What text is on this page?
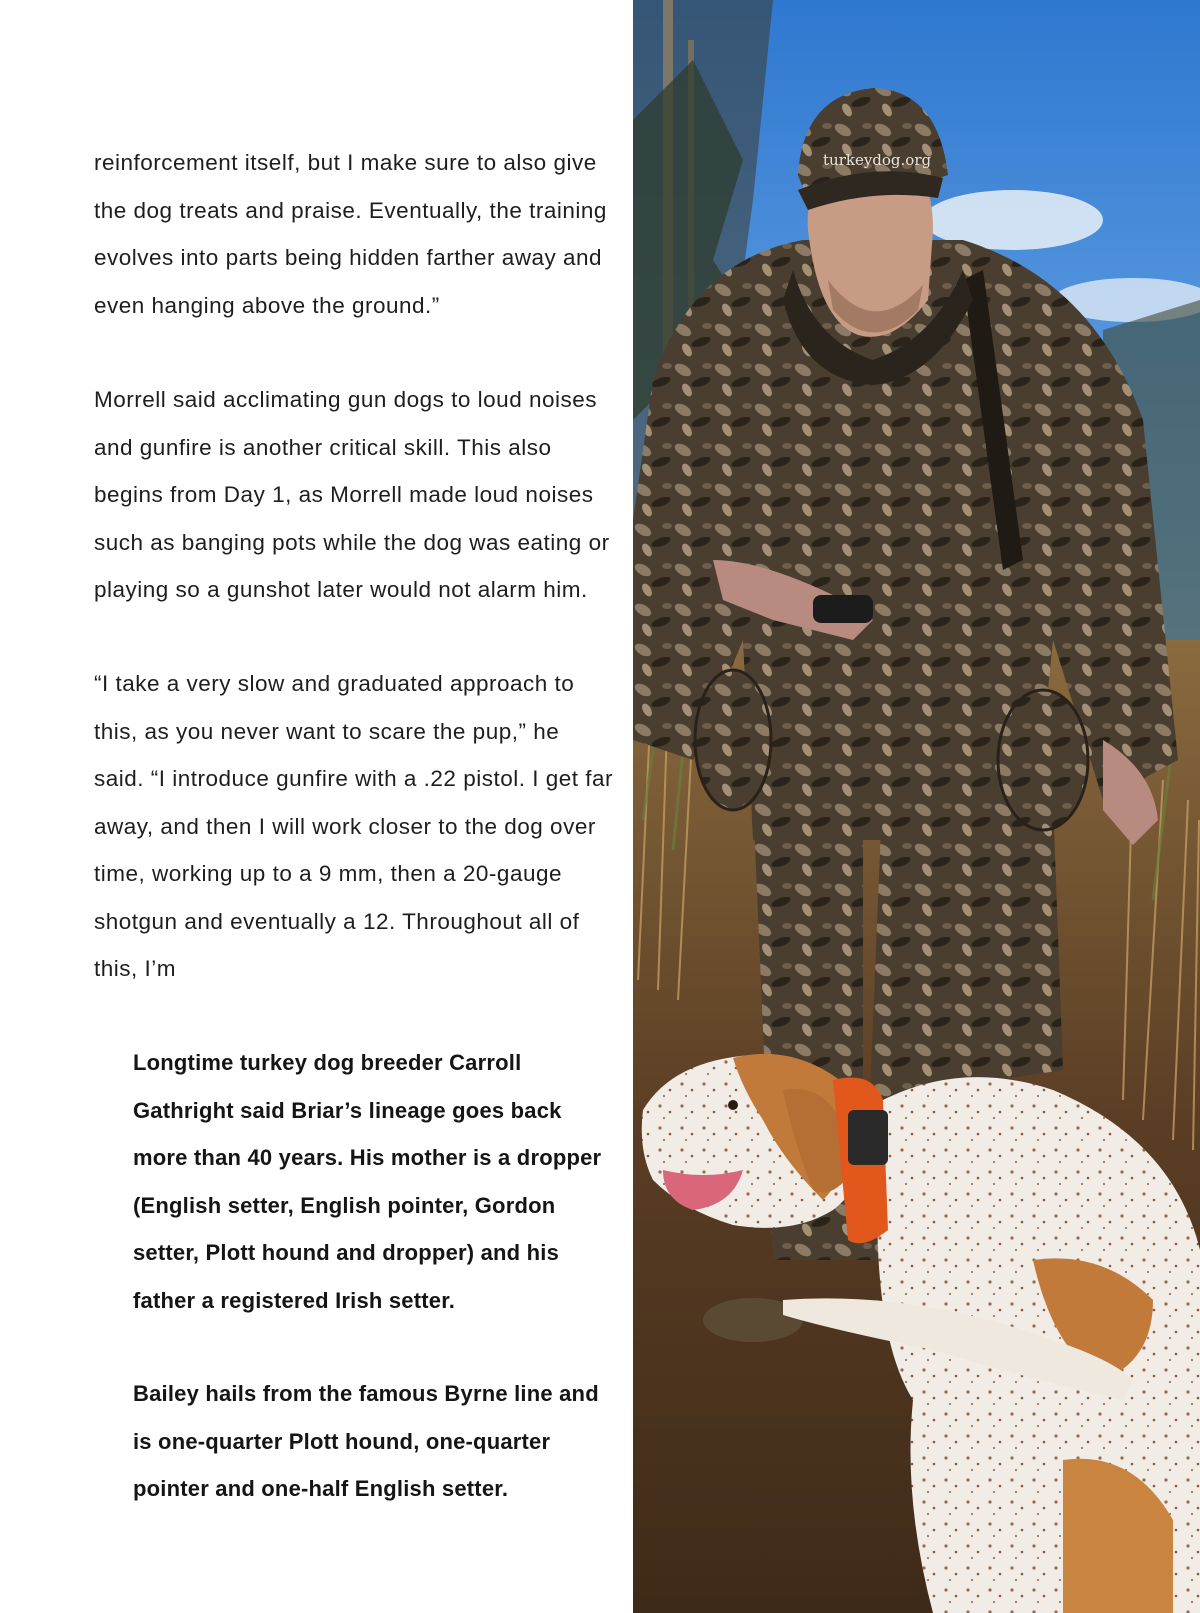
reinforcement itself, but I make sure to also give the dog treats and praise. Eventually, the training evolves into parts being hidden farther away and even hanging above the ground.”

Morrell said acclimating gun dogs to loud noises and gunfire is another critical skill. This also begins from Day 1, as Morrell made loud noises such as banging pots while the dog was eating or playing so a gunshot later would not alarm him.

“I take a very slow and graduated approach to this, as you never want to scare the pup,” he said. “I introduce gunfire with a .22 pistol. I get far away, and then I will work closer to the dog over time, working up to a 9 mm, then a 20-gauge shotgun and eventually a 12. Throughout all of this, I’m

Longtime turkey dog breeder Carroll Gathright said Briar’s lineage goes back more than 40 years. His mother is a dropper (English setter, English pointer, Gordon setter, Plott hound and dropper) and his father a registered Irish setter.

Bailey hails from the famous Byrne line and is one-quarter Plott hound, one-quarter pointer and one-half English setter.

turkeydog.org
